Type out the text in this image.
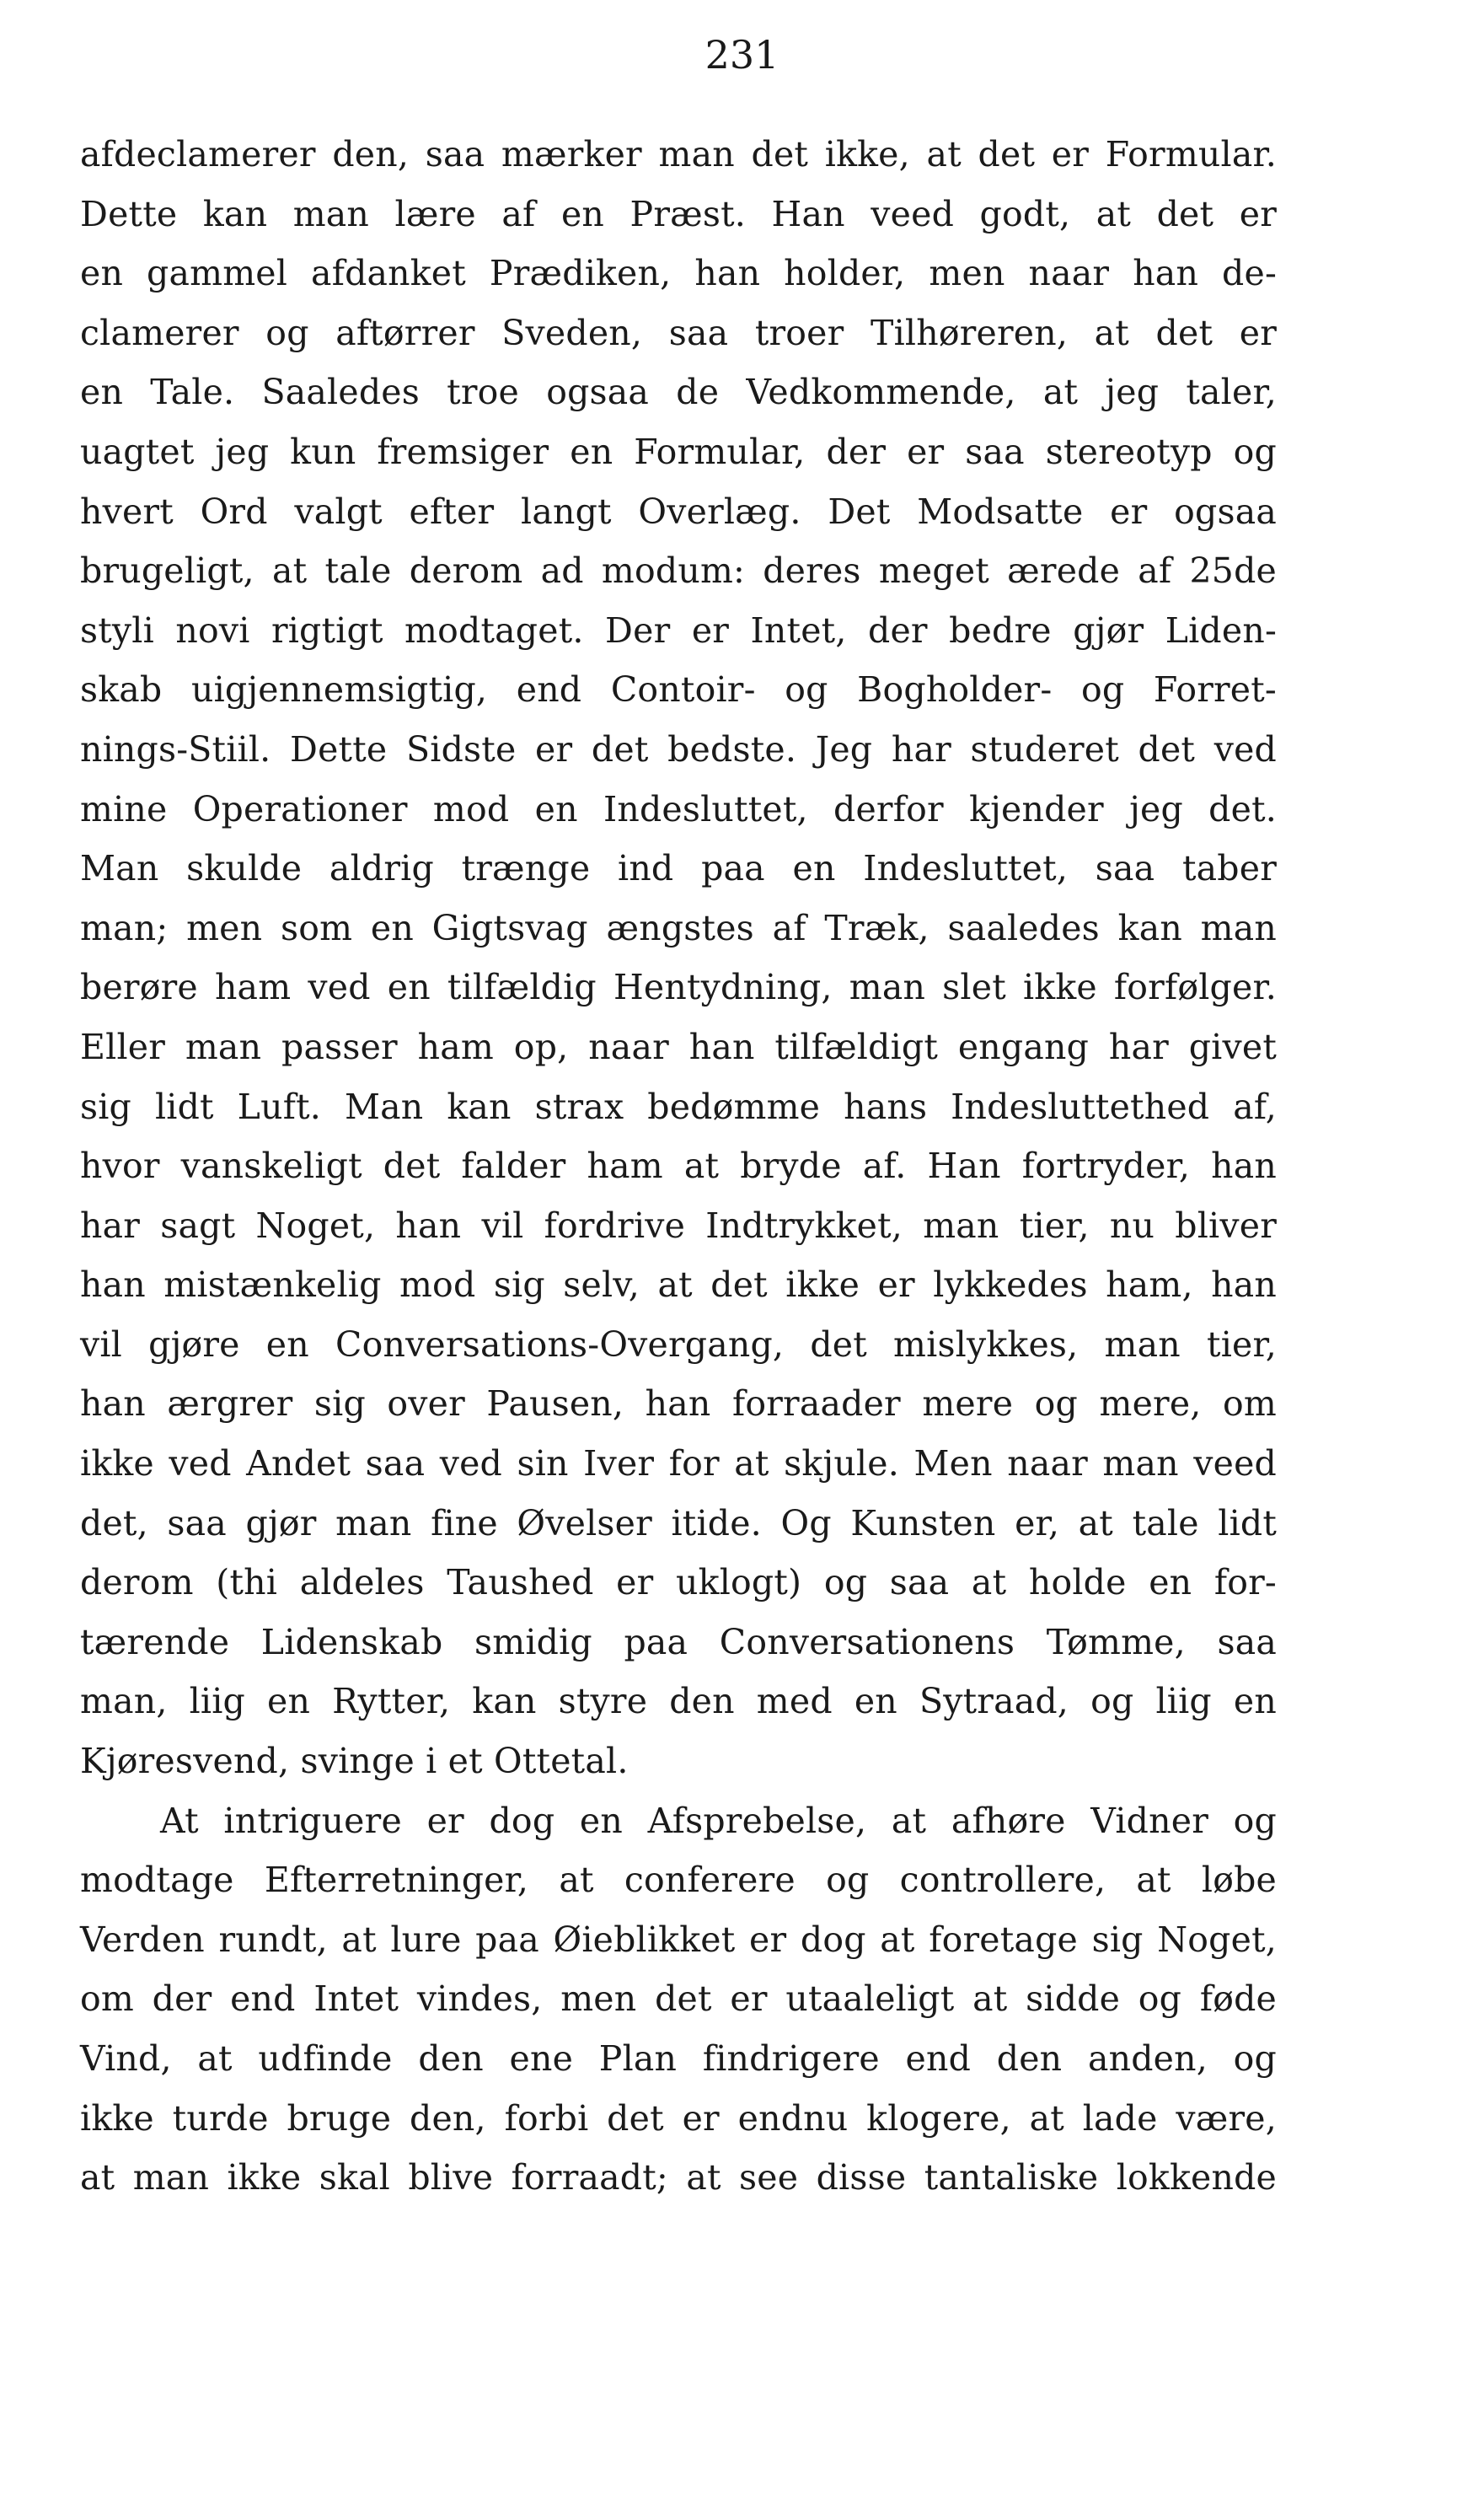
231
afdeclamerer den, saa mærker man det ikke, at det er Formular.
Dette kan man lære af en Præst. Han veed godt, at det er
en gammel afdanket Prædiken, han holder, men naar han de-
clamerer og aftørrer Sveden, saa troer Tilhøreren, at det er
en Tale. Saaledes troe ogsaa de Vedkommende, at jeg taler,
uagtet jeg kun fremsiger en Formular, der er saa stereotyp og
hvert Ord valgt efter langt Overlæg. Det Modsatte er ogsaa
brugeligt, at tale derom ad modum: deres meget ærede af 25de
styli novi rigtigt modtaget. Der er Intet, der bedre gjør Liden-
skab uigjennemsigtig, end Contoir- og Bogholder- og Forret-
nings-Stiil. Dette Sidste er det bedste. Jeg har studeret det ved
mine Operationer mod en Indesluttet, derfor kjender jeg det.
Man skulde aldrig trænge ind paa en Indesluttet, saa taber
man; men som en Gigtsvag ængstes af Træk, saaledes kan man
berøre ham ved en tilfældig Hentydning, man slet ikke forfølger.
Eller man passer ham op, naar han tilfældigt engang har givet
sig lidt Luft. Man kan strax bedømme hans Indesluttethed af,
hvor vanskeligt det falder ham at brydе af. Han fortryder, han
har sagt Noget, han vil fordrive Indtrykket, man tier, nu bliver
han mistænkelig mod sig selv, at det ikke er lykkedes ham, han
vil gjøre en Conversations-Overgang, det mislykkes, man tier,
han ærgrer sig over Pausen, han forraader mere og mere, om
ikke ved Andet saa ved sin Iver for at skjule. Men naar man veed
det, saa gjør man fine Øvelser itide. Og Kunsten er, at tale lidt
derom (thi aldeles Taushed er uklogt) og saa at holde en for-
tærende Lidenskab smidig paa Conversationens Tømme, saa
man, liig en Rytter, kan styre den med en Sytraad, og liig en
Kjøresvend, svinge i et Ottetal.
At intriguere er dog en Afsprebelse, at afhøre Vidner og
modtage Efterretninger, at conferere og controllere, at løbe
Verden rundt, at lure paa Øieblikket er dog at foretage sig Noget,
om der end Intet vindes, men det er utaaleligt at sidde og føde
Vind, at udfinde den ene Plan findrigere end den anden, og
ikke turde bruge den, forbi det er endnu klogere, at lade være,
at man ikke skal blive forraadt; at see disse tantaliske lokkende
